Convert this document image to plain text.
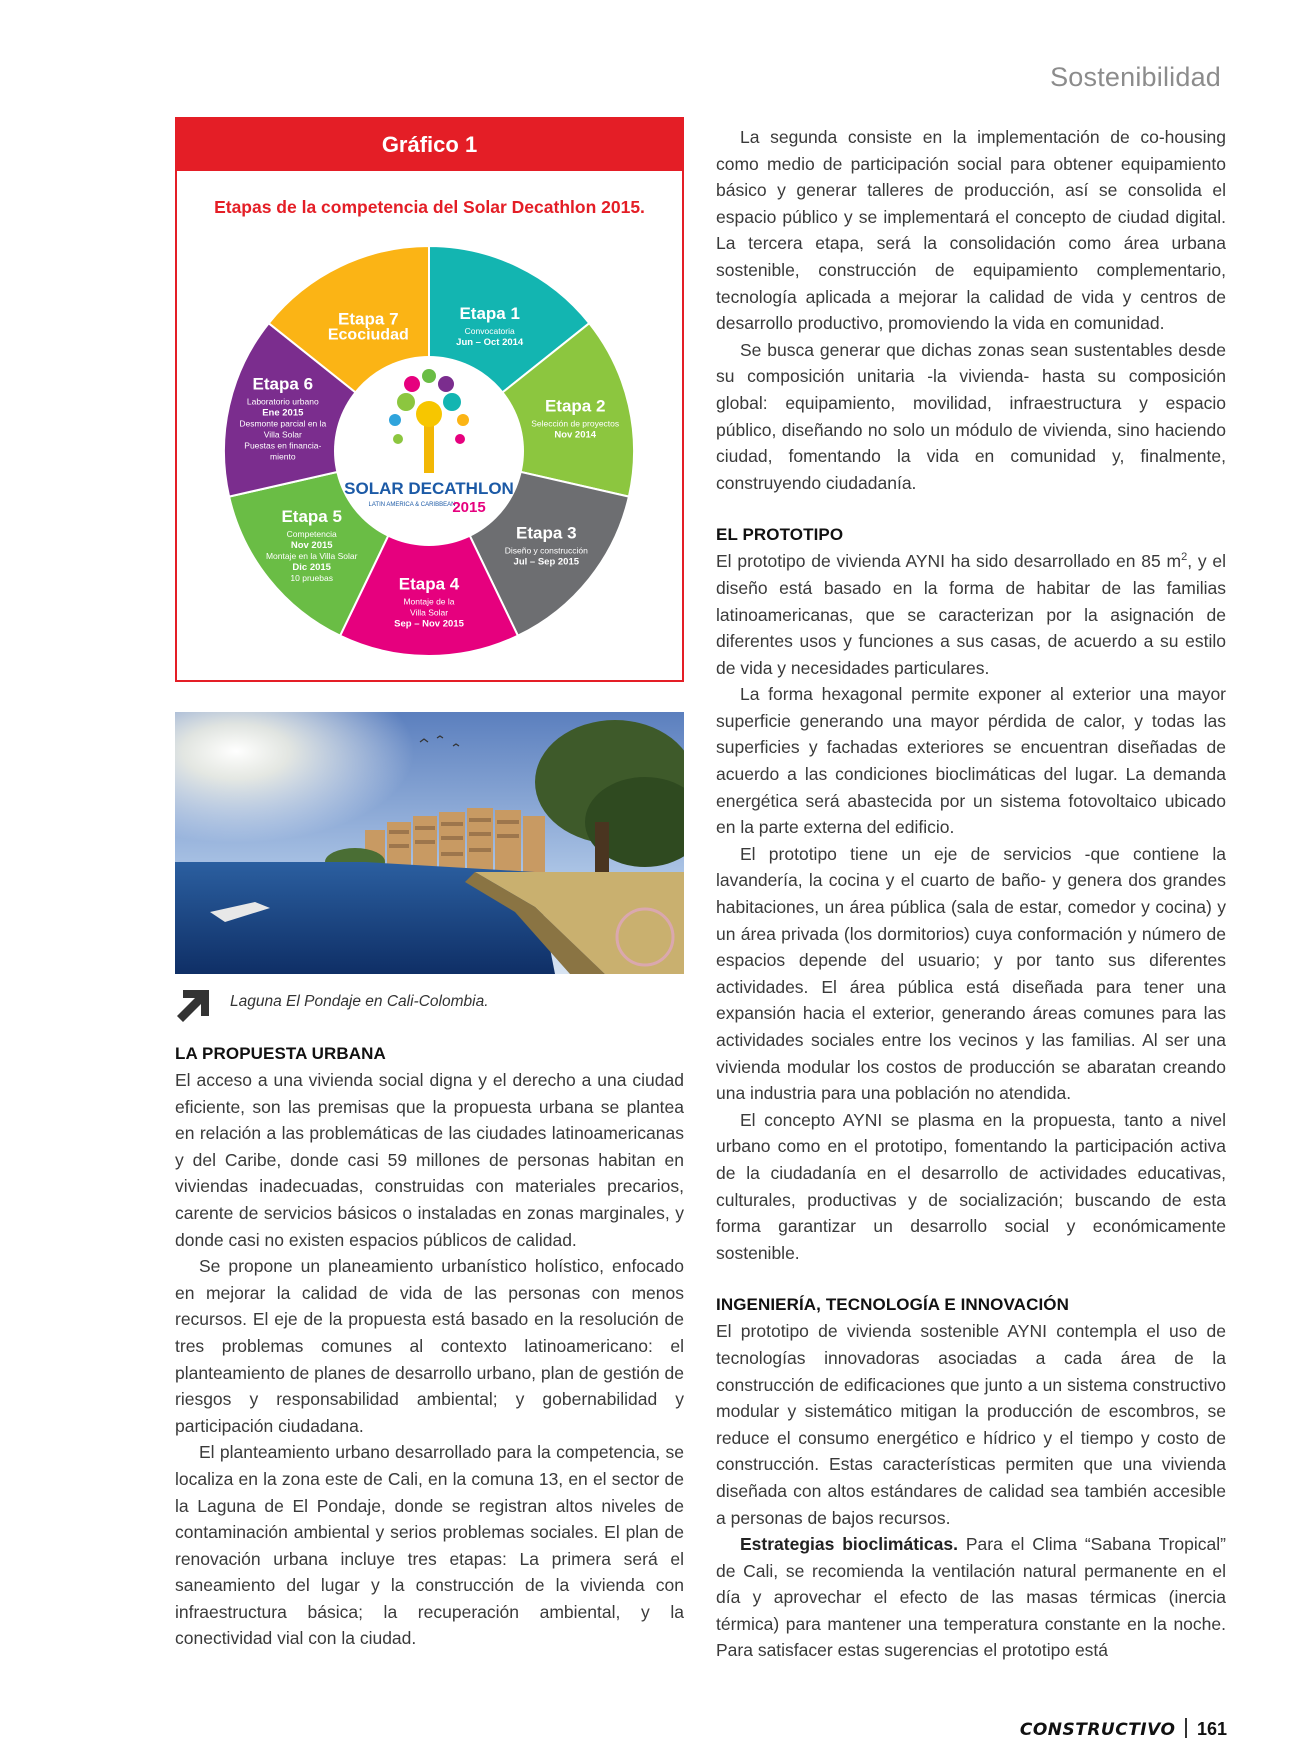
Sostenibilidad
Gráfico 1
Etapas de la competencia del Solar Decathlon 2015.
SOLAR DECATHLON
LATIN AMERICA & CARIBBEAN
2015
Etapa 1
Convocatoria
Jun – Oct 2014
Etapa 2
Selección de proyectos
Nov 2014
Etapa 3
Diseño y construcción
Jul – Sep 2015
Etapa 4
Montaje de la
Villa Solar
Sep – Nov 2015
Etapa 5
Competencia
Nov 2015
Montaje en la Villa Solar
Dic 2015
10 pruebas
Etapa 6
Laboratorio urbano
Ene 2015
Desmonte parcial en la
Villa Solar
Puestas en financia-
miento
Etapa 7
Ecociudad
Laguna El Pondaje en Cali-Colombia.
LA PROPUESTA URBANA

El acceso a una vivienda social digna y el derecho a una ciudad eficiente, son las premisas que la propuesta urbana se plantea en relación a las problemáticas de las ciudades latinoamericanas y del Caribe, donde casi 59 millones de personas habitan en viviendas inadecuadas, construidas con materiales precarios, carente de servicios básicos o instaladas en zonas marginales, y donde casi no existen espacios públicos de calidad.

Se propone un planeamiento urbanístico holístico, enfocado en mejorar la calidad de vida de las personas con menos recursos. El eje de la propuesta está basado en la resolución de tres problemas comunes al contexto latinoamericano: el planteamiento de planes de desarrollo urbano, plan de gestión de riesgos y responsabilidad ambiental; y gobernabilidad y participación ciudadana.

El planteamiento urbano desarrollado para la competencia, se localiza en la zona este de Cali, en la comuna 13, en el sector de la Laguna de El Pondaje, donde se registran altos niveles de contaminación ambiental y serios problemas sociales. El plan de renovación urbana incluye tres etapas: La primera será el saneamiento del lugar y la construcción de la vivienda con infraestructura básica; la recuperación ambiental, y la conectividad vial con la ciudad.

La segunda consiste en la implementación de co-housing como medio de participación social para obtener equipamiento básico y generar talleres de producción, así se consolida el espacio público y se implementará el concepto de ciudad digital. La tercera etapa, será la consolidación como área urbana sostenible, construcción de equipamiento complementario, tecnología aplicada a mejorar la calidad de vida y centros de desarrollo productivo, promoviendo la vida en comunidad.

Se busca generar que dichas zonas sean sustentables desde su composición unitaria -la vivienda- hasta su composición global: equipamiento, movilidad, infraestructura y espacio público, diseñando no solo un módulo de vivienda, sino haciendo ciudad, fomentando la vida en comunidad y, finalmente, construyendo ciudadanía.

EL PROTOTIPO

El prototipo de vivienda AYNI ha sido desarrollado en 85 $m^2$, y el diseño está basado en la forma de habitar de las familias latinoamericanas, que se caracterizan por la asignación de diferentes usos y funciones a sus casas, de acuerdo a su estilo de vida y necesidades particulares.

La forma hexagonal permite exponer al exterior una mayor superficie generando una mayor pérdida de calor, y todas las superficies y fachadas exteriores se encuentran diseñadas de acuerdo a las condiciones bioclimáticas del lugar. La demanda energética será abastecida por un sistema fotovoltaico ubicado en la parte externa del edificio.

El prototipo tiene un eje de servicios -que contiene la lavandería, la cocina y el cuarto de baño- y genera dos grandes habitaciones, un área pública (sala de estar, comedor y cocina) y un área privada (los dormitorios) cuya conformación y número de espacios depende del usuario; y por tanto sus diferentes actividades. El área pública está diseñada para tener una expansión hacia el exterior, generando áreas comunes para las actividades sociales entre los vecinos y las familias. Al ser una vivienda modular los costos de producción se abaratan creando una industria para una población no atendida.

El concepto AYNI se plasma en la propuesta, tanto a nivel urbano como en el prototipo, fomentando la participación activa de la ciudadanía en el desarrollo de actividades educativas, culturales, productivas y de socialización; buscando de esta forma garantizar un desarrollo social y económicamente sostenible.

INGENIERÍA, TECNOLOGÍA E INNOVACIÓN

El prototipo de vivienda sostenible AYNI contempla el uso de tecnologías innovadoras asociadas a cada área de la construcción de edificaciones que junto a un sistema constructivo modular y sistemático mitigan la producción de escombros, se reduce el consumo energético e hídrico y el tiempo y costo de construcción. Estas características permiten que una vivienda diseñada con altos estándares de calidad sea también accesible a personas de bajos recursos.

Estrategias bioclimáticas. Para el Clima “Sabana Tropical” de Cali, se recomienda la ventilación natural permanente en el día y aprovechar el efecto de las masas térmicas (inercia térmica) para mantener una temperatura constante en la noche. Para satisfacer estas sugerencias el prototipo está

CONSTRUCTIVO 161
